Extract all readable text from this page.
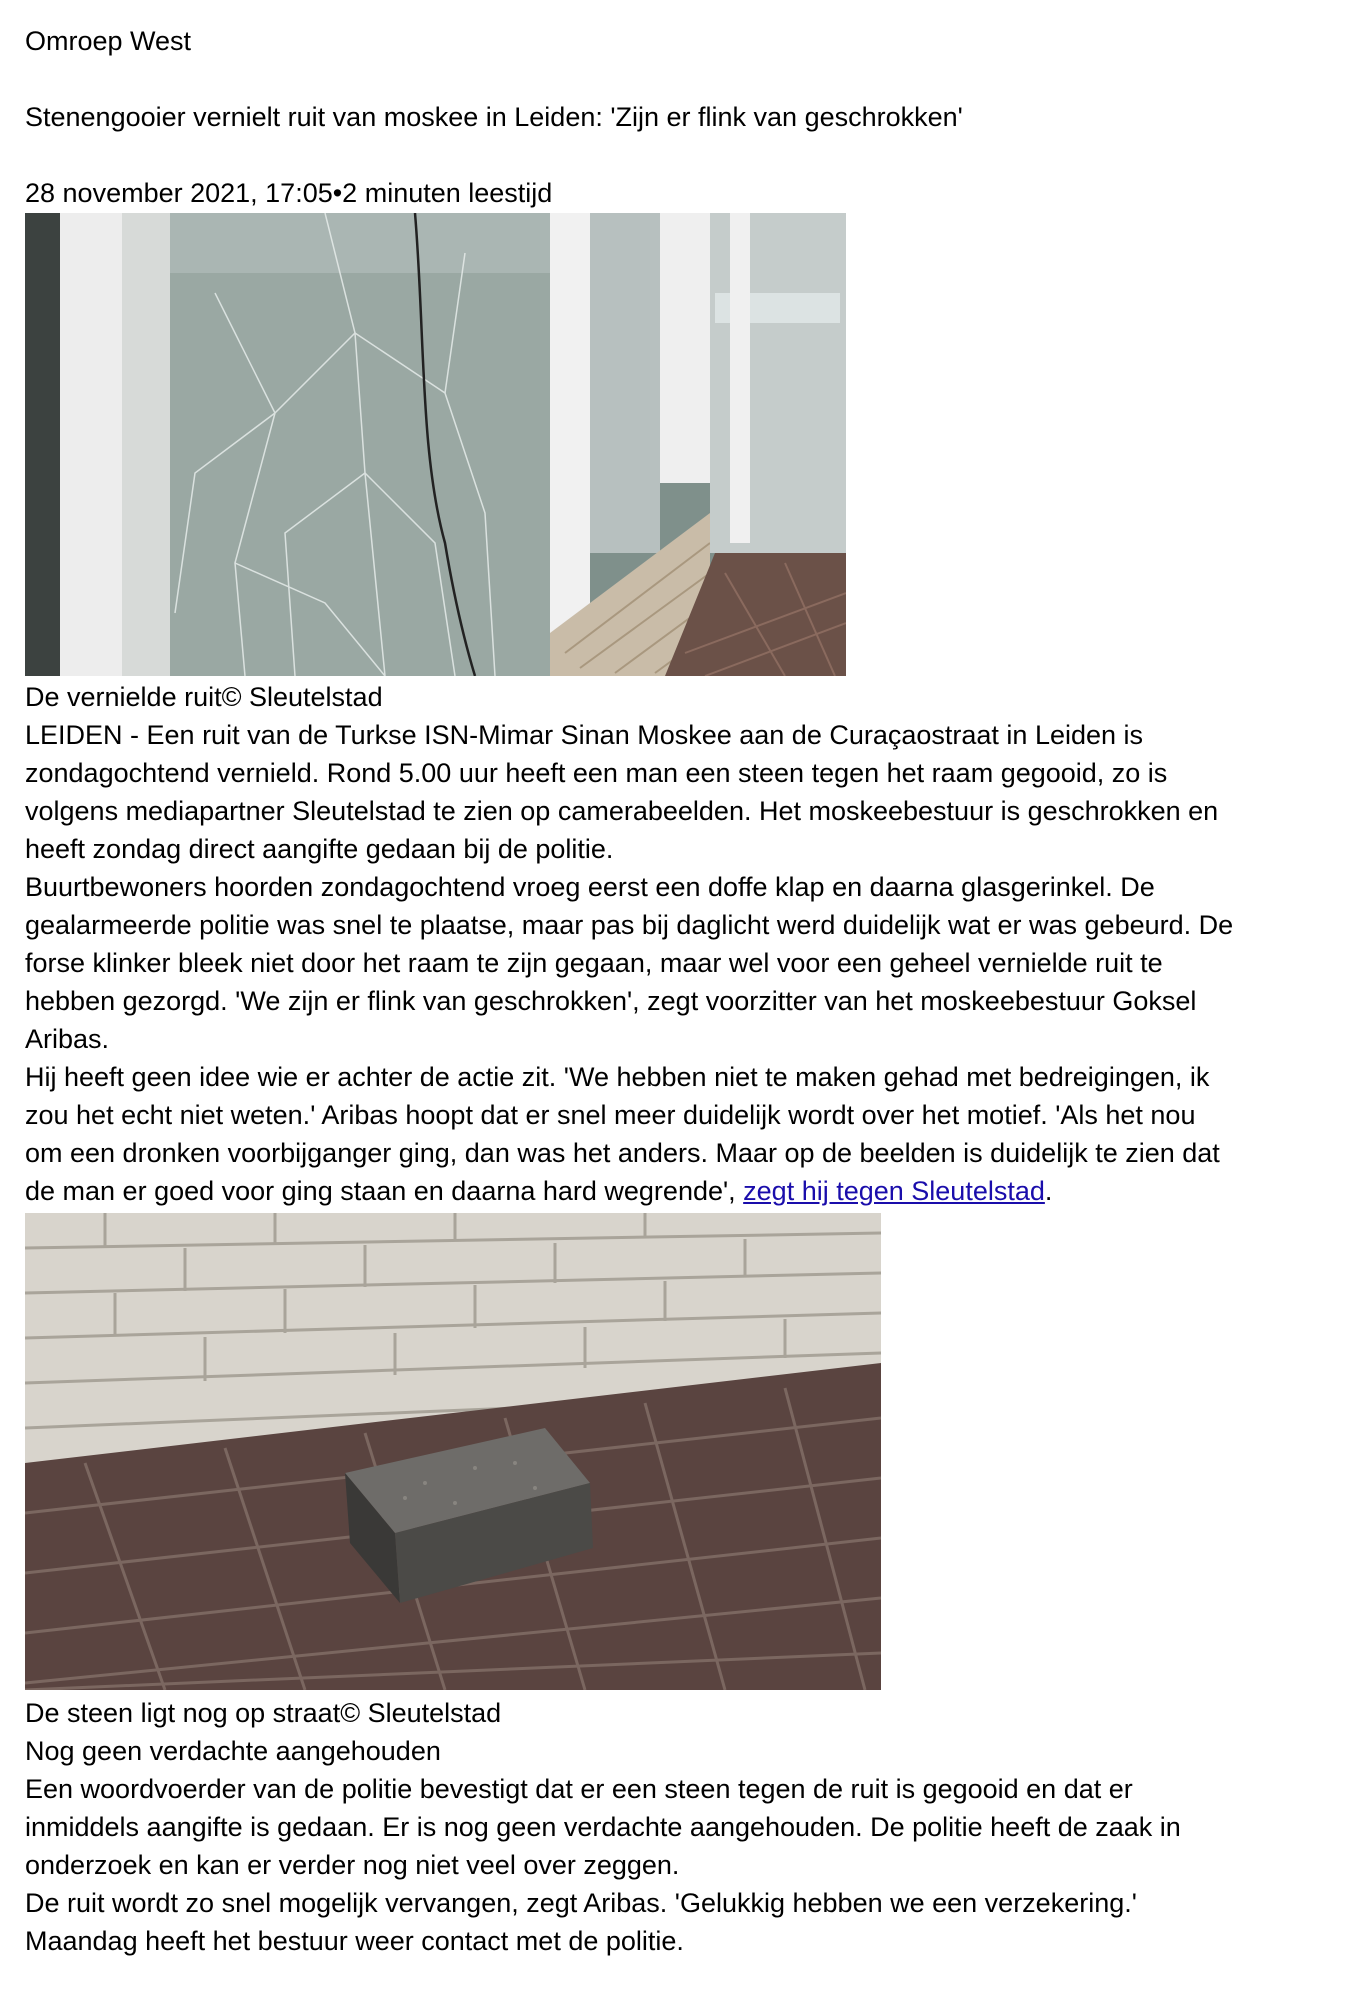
Omroep West
Stenengooier vernielt ruit van moskee in Leiden: 'Zijn er flink van geschrokken'
28 november 2021, 17:05•2 minuten leestijd
De vernielde ruit© Sleutelstad
LEIDEN - Een ruit van de Turkse ISN-Mimar Sinan Moskee aan de Curaçaostraat in Leiden is
zondagochtend vernield. Rond 5.00 uur heeft een man een steen tegen het raam gegooid, zo is
volgens mediapartner Sleutelstad te zien op camerabeelden. Het moskeebestuur is geschrokken en
heeft zondag direct aangifte gedaan bij de politie.
Buurtbewoners hoorden zondagochtend vroeg eerst een doffe klap en daarna glasgerinkel. De
gealarmeerde politie was snel te plaatse, maar pas bij daglicht werd duidelijk wat er was gebeurd. De
forse klinker bleek niet door het raam te zijn gegaan, maar wel voor een geheel vernielde ruit te
hebben gezorgd. 'We zijn er flink van geschrokken', zegt voorzitter van het moskeebestuur Goksel
Aribas.
Hij heeft geen idee wie er achter de actie zit. 'We hebben niet te maken gehad met bedreigingen, ik
zou het echt niet weten.' Aribas hoopt dat er snel meer duidelijk wordt over het motief. 'Als het nou
om een dronken voorbijganger ging, dan was het anders. Maar op de beelden is duidelijk te zien dat
de man er goed voor ging staan en daarna hard wegrende', zegt hij tegen Sleutelstad.
De steen ligt nog op straat© Sleutelstad
Nog geen verdachte aangehouden
Een woordvoerder van de politie bevestigt dat er een steen tegen de ruit is gegooid en dat er
inmiddels aangifte is gedaan. Er is nog geen verdachte aangehouden. De politie heeft de zaak in
onderzoek en kan er verder nog niet veel over zeggen.
De ruit wordt zo snel mogelijk vervangen, zegt Aribas. 'Gelukkig hebben we een verzekering.'
Maandag heeft het bestuur weer contact met de politie.
